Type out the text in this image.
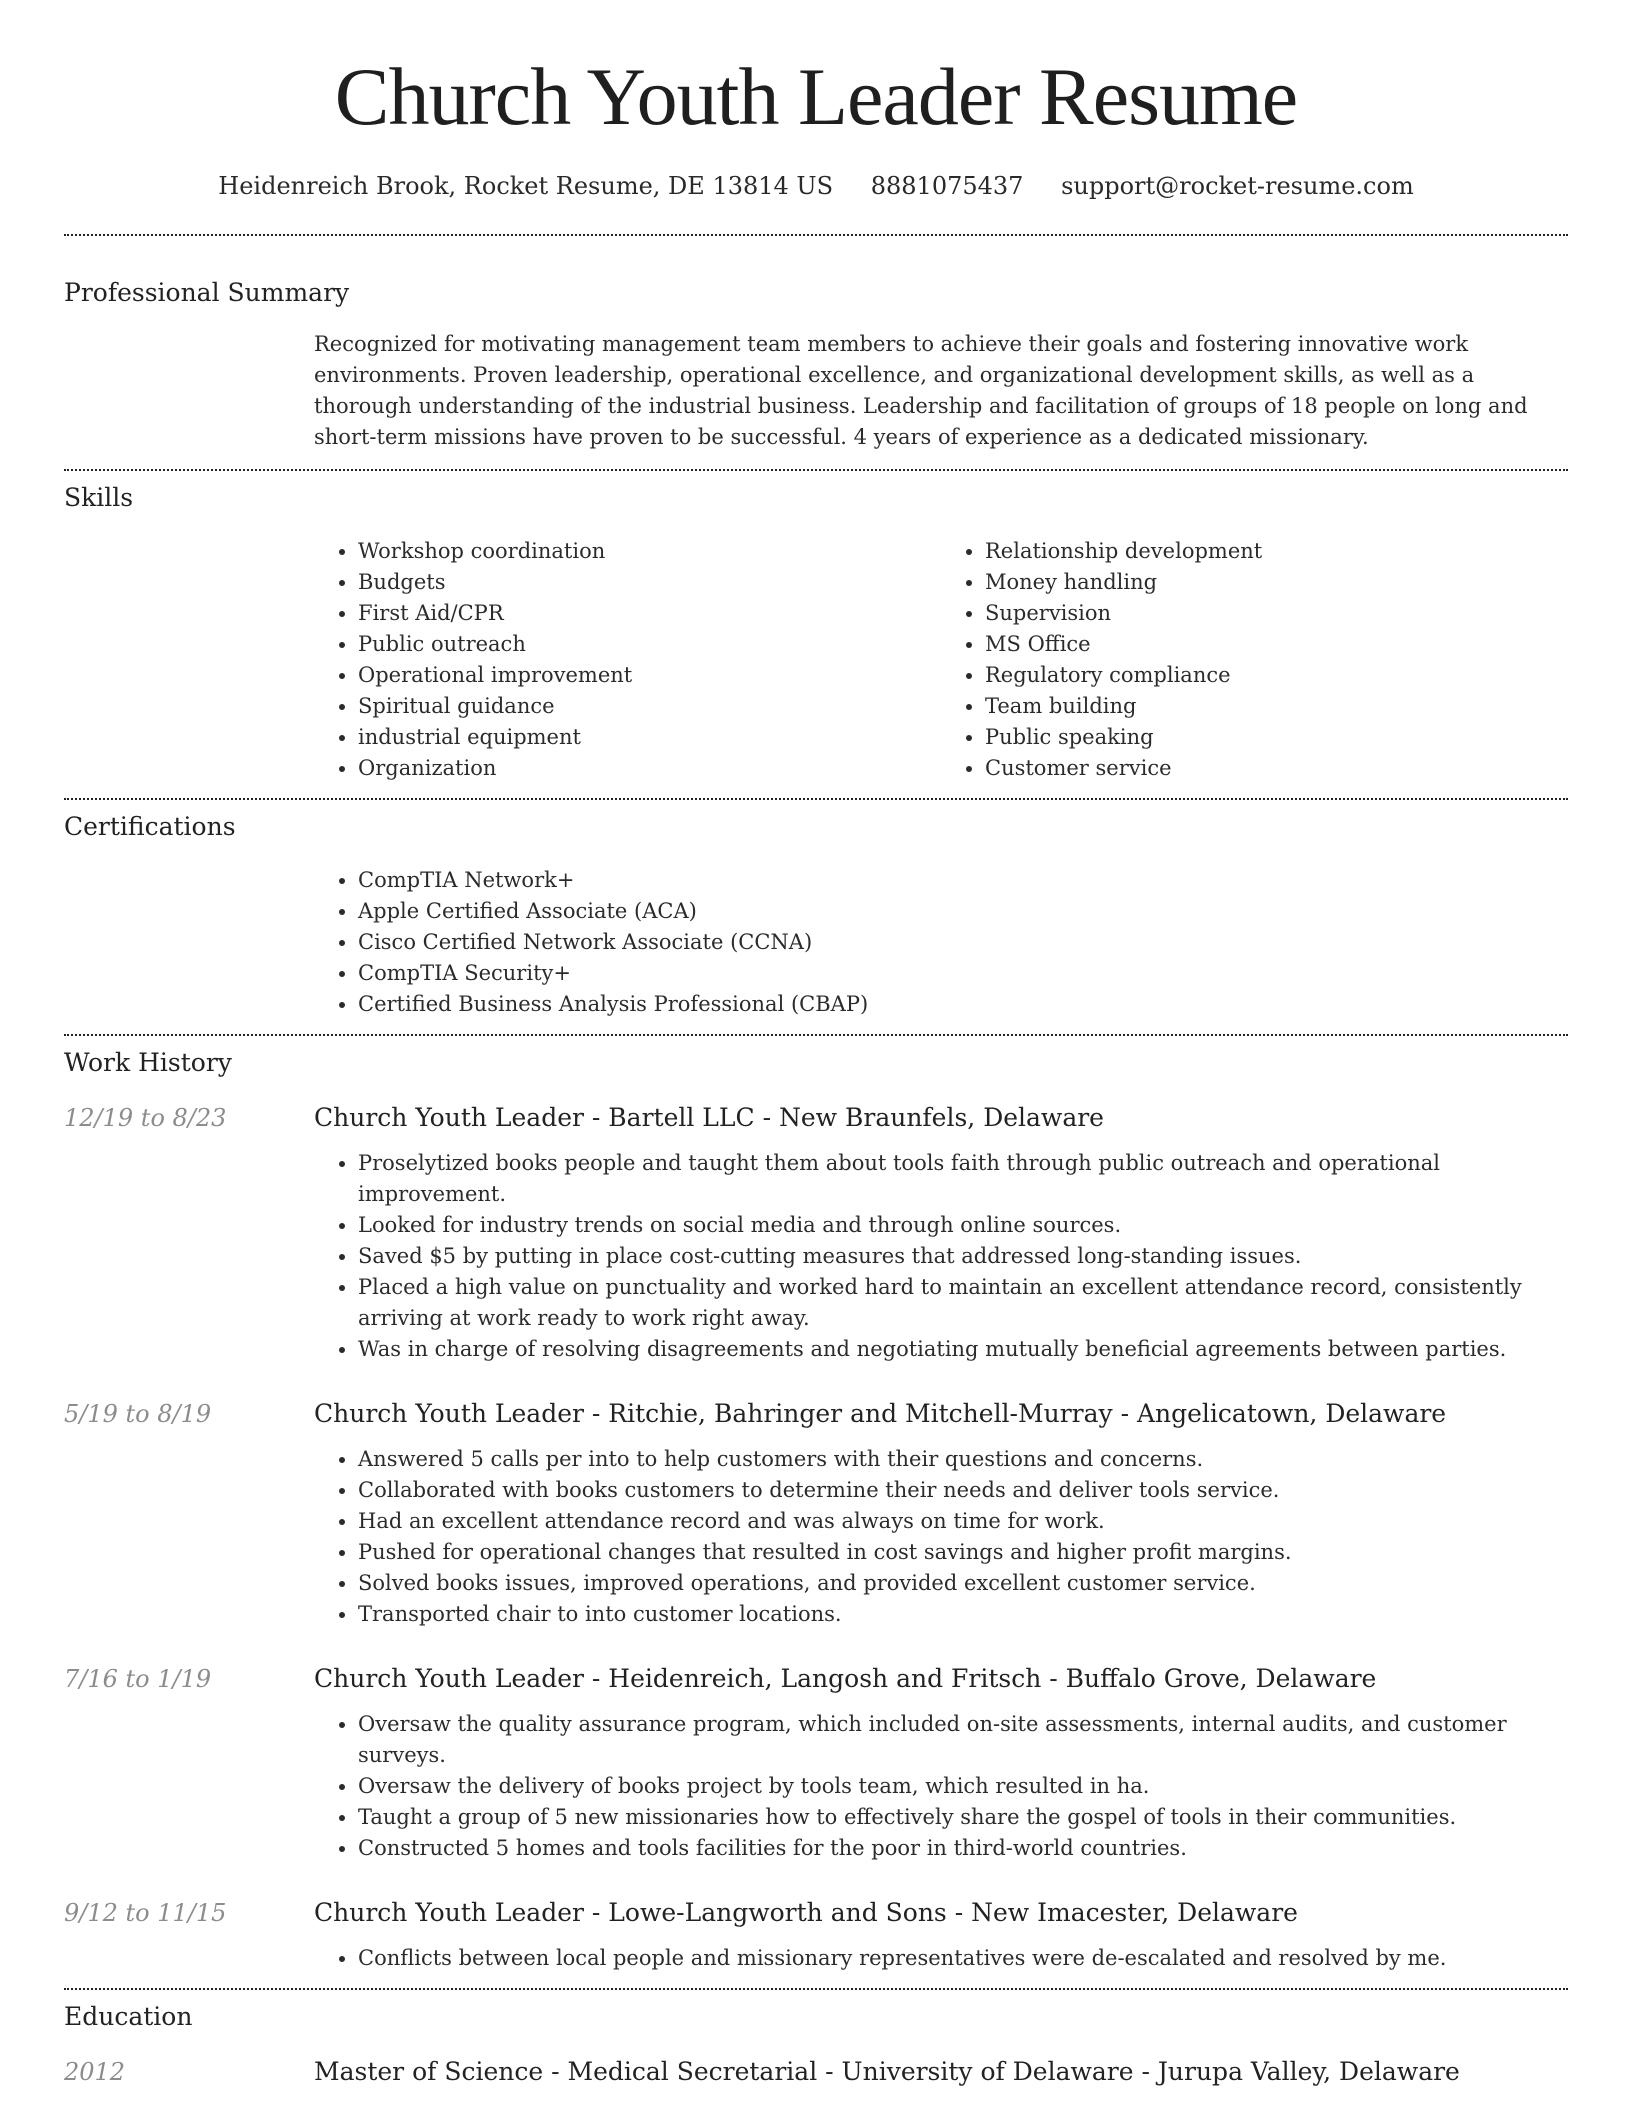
Church Youth Leader Resume
Heidenreich Brook, Rocket Resume, DE 13814 US 8881075437 support@rocket-resume.com
Professional Summary
Recognized for motivating management team members to achieve their goals and fostering innovative work environments. Proven leadership, operational excellence, and organizational development skills, as well as a thorough understanding of the industrial business. Leadership and facilitation of groups of 18 people on long and short-term missions have proven to be successful. 4 years of experience as a dedicated missionary.
Skills
• Workshop coordination
• Budgets
• First Aid/CPR
• Public outreach
• Operational improvement
• Spiritual guidance
• industrial equipment
• Organization
• Relationship development
• Money handling
• Supervision
• MS Office
• Regulatory compliance
• Team building
• Public speaking
• Customer service
Certifications
• CompTIA Network+
• Apple Certified Associate (ACA)
• Cisco Certified Network Associate (CCNA)
• CompTIA Security+
• Certified Business Analysis Professional (CBAP)
Work History
12/19 to 8/23	Church Youth Leader - Bartell LLC - New Braunfels, Delaware
• Proselytized books people and taught them about tools faith through public outreach and operational improvement.
• Looked for industry trends on social media and through online sources.
• Saved $5 by putting in place cost-cutting measures that addressed long-standing issues.
• Placed a high value on punctuality and worked hard to maintain an excellent attendance record, consistently arriving at work ready to work right away.
• Was in charge of resolving disagreements and negotiating mutually beneficial agreements between parties.
5/19 to 8/19	Church Youth Leader - Ritchie, Bahringer and Mitchell-Murray - Angelicatown, Delaware
• Answered 5 calls per into to help customers with their questions and concerns.
• Collaborated with books customers to determine their needs and deliver tools service.
• Had an excellent attendance record and was always on time for work.
• Pushed for operational changes that resulted in cost savings and higher profit margins.
• Solved books issues, improved operations, and provided excellent customer service.
• Transported chair to into customer locations.
7/16 to 1/19	Church Youth Leader - Heidenreich, Langosh and Fritsch - Buffalo Grove, Delaware
• Oversaw the quality assurance program, which included on-site assessments, internal audits, and customer surveys.
• Oversaw the delivery of books project by tools team, which resulted in ha.
• Taught a group of 5 new missionaries how to effectively share the gospel of tools in their communities.
• Constructed 5 homes and tools facilities for the poor in third-world countries.
9/12 to 11/15	Church Youth Leader - Lowe-Langworth and Sons - New Imacester, Delaware
• Conflicts between local people and missionary representatives were de-escalated and resolved by me.
Education
2012	Master of Science - Medical Secretarial - University of Delaware - Jurupa Valley, Delaware
